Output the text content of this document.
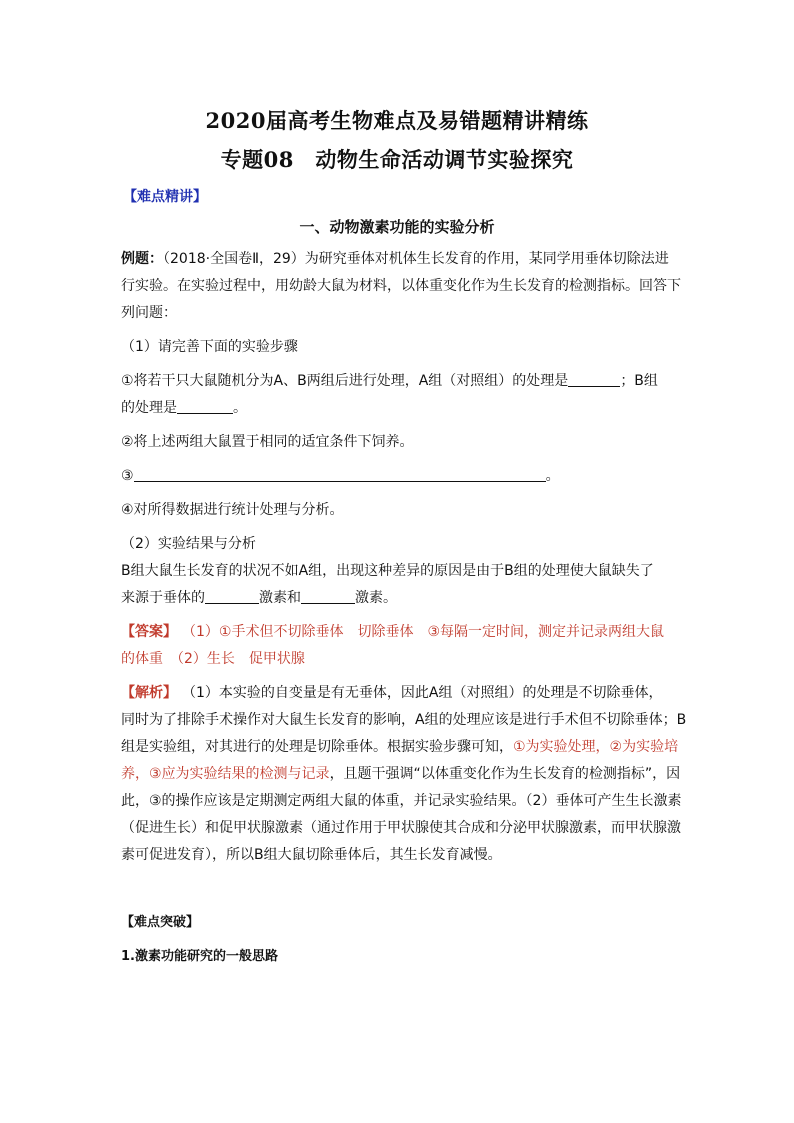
2020届高考生物难点及易错题精讲精练
专题08　动物生命活动调节实验探究
【难点精讲】
一、动物激素功能的实验分析
例题：（2018·全国卷Ⅱ，29）为研究垂体对机体生长发育的作用，某同学用垂体切除法进
行实验。在实验过程中，用幼龄大鼠为材料，以体重变化作为生长发育的检测指标。回答下
列问题：
（1）请完善下面的实验步骤
①将若干只大鼠随机分为A、B两组后进行处理，A组（对照组）的处理是	；B组
的处理是	。
②将上述两组大鼠置于相同的适宜条件下饲养。
③	。
④对所得数据进行统计处理与分析。
（2）实验结果与分析
B组大鼠生长发育的状况不如A组，出现这种差异的原因是由于B组的处理使大鼠缺失了
来源于垂体的	激素和	激素。
【答案】 （1）①手术但不切除垂体　切除垂体　③每隔一定时间，测定并记录两组大鼠
的体重　（2）生长　促甲状腺
【解析】 （1）本实验的自变量是有无垂体，因此A组（对照组）的处理是不切除垂体，
同时为了排除手术操作对大鼠生长发育的影响，A组的处理应该是进行手术但不切除垂体；B
组是实验组，对其进行的处理是切除垂体。根据实验步骤可知，①为实验处理，②为实验培
养，③应为实验结果的检测与记录，且题干强调“以体重变化作为生长发育的检测指标”，因
此，③的操作应该是定期测定两组大鼠的体重，并记录实验结果。（2）垂体可产生生长激素
（促进生长）和促甲状腺激素（通过作用于甲状腺使其合成和分泌甲状腺激素，而甲状腺激
素可促进发育），所以B组大鼠切除垂体后，其生长发育减慢。
【难点突破】
1.激素功能研究的一般思路
